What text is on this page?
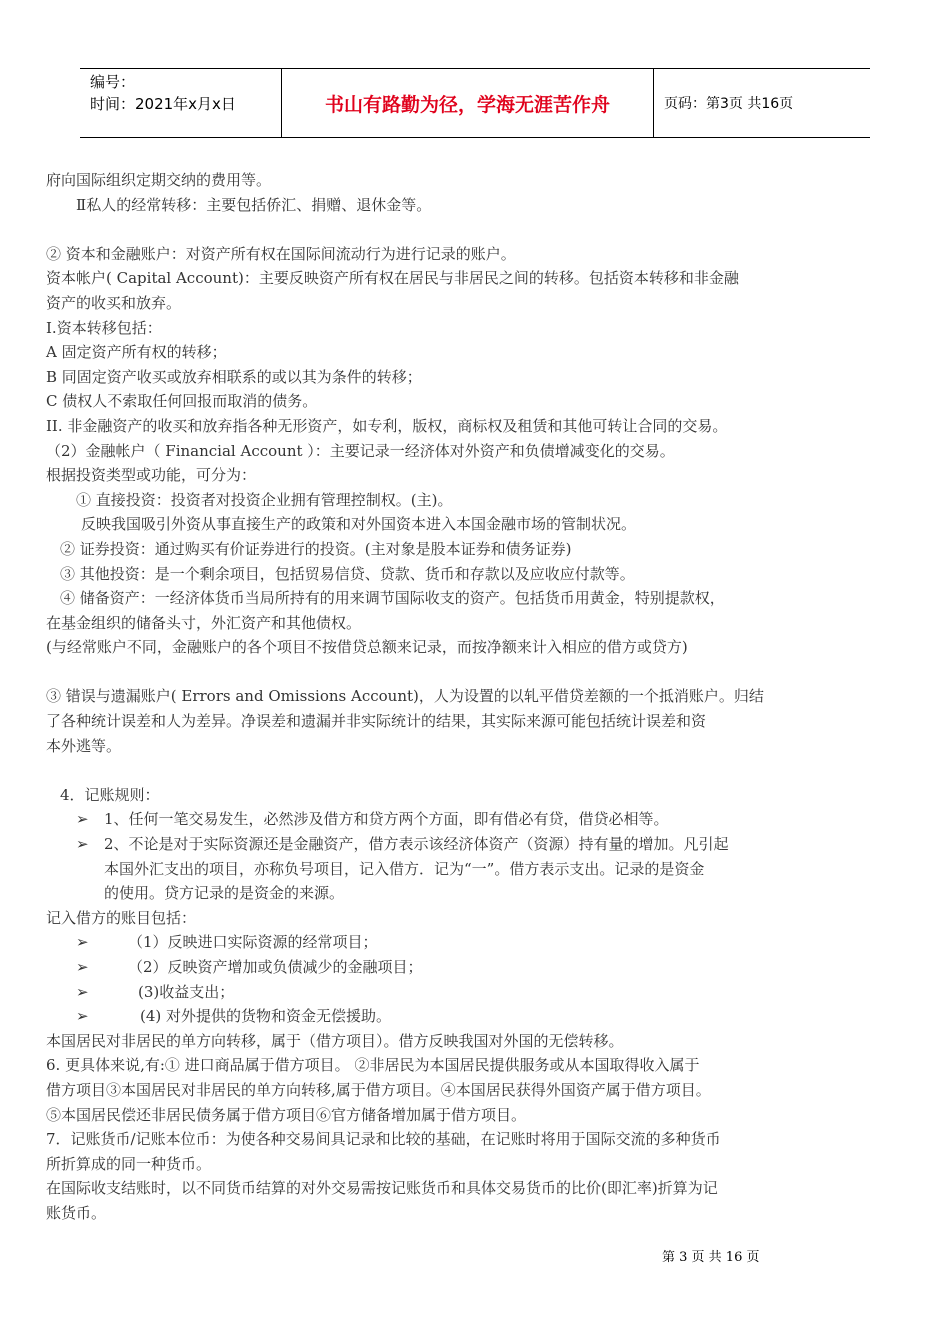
编号：
时间：2021年x月x日	书山有路勤为径，学海无涯苦作舟	页码：第3页 共16页
府向国际组织定期交纳的费用等。
Ⅱ私人的经常转移：主要包括侨汇、捐赠、退休金等。
② 资本和金融账户：对资产所有权在国际间流动行为进行记录的账户。
资本帐户( Capital Account)：主要反映资产所有权在居民与非居民之间的转移。包括资本转移和非金融
资产的收买和放弃。
I.资本转移包括：
A 固定资产所有权的转移；
B 同固定资产收买或放弃相联系的或以其为条件的转移；
C 债权人不索取任何回报而取消的债务。
II. 非金融资产的收买和放弃指各种无形资产，如专利，版权，商标权及租赁和其他可转让合同的交易。
（2）金融帐户（ Financial Account ）：主要记录一经济体对外资产和负债增减变化的交易。
根据投资类型或功能，可分为：
① 直接投资：投资者对投资企业拥有管理控制权。(主)。
反映我国吸引外资从事直接生产的政策和对外国资本进入本国金融市场的管制状况。
② 证券投资：通过购买有价证券进行的投资。(主对象是股本证券和债务证券)
③ 其他投资：是一个剩余项目，包括贸易信贷、贷款、货币和存款以及应收应付款等。
④ 储备资产：一经济体货币当局所持有的用来调节国际收支的资产。包括货币用黄金，特别提款权，
在基金组织的储备头寸，外汇资产和其他债权。
(与经常账户不同，金融账户的各个项目不按借贷总额来记录，而按净额来计入相应的借方或贷方)
③ 错误与遗漏账户( Errors and Omissions Account)，人为设置的以轧平借贷差额的一个抵消账户。归结
了各种统计误差和人为差异。净误差和遗漏并非实际统计的结果，其实际来源可能包括统计误差和资
本外逃等。
4．记账规则：
➢ 1、任何一笔交易发生，必然涉及借方和贷方两个方面，即有借必有贷，借贷必相等。
➢ 2、不论是对于实际资源还是金融资产，借方表示该经济体资产（资源）持有量的增加。凡引起
本国外汇支出的项目，亦称负号项目，记入借方．记为“一”。借方表示支出。记录的是资金
的使用。贷方记录的是资金的来源。
记入借方的账目包括：
➢	（1）反映进口实际资源的经常项目；
➢	（2）反映资产增加或负债减少的金融项目；
➢	(3)收益支出；
➢	(4) 对外提供的货物和资金无偿援助。
本国居民对非居民的单方向转移，属于（借方项目）。借方反映我国对外国的无偿转移。
6. 更具体来说,有:① 进口商品属于借方项目。 ②非居民为本国居民提供服务或从本国取得收入属于
借方项目③本国居民对非居民的单方向转移,属于借方项目。④本国居民获得外国资产属于借方项目。
⑤本国居民偿还非居民债务属于借方项目⑥官方储备增加属于借方项目。
7．记账货币/记账本位币：为使各种交易间具记录和比较的基础，在记账时将用于国际交流的多种货币
所折算成的同一种货币。
在国际收支结账时，以不同货币结算的对外交易需按记账货币和具体交易货币的比价(即汇率)折算为记
账货币。
第 3 页 共 16 页
